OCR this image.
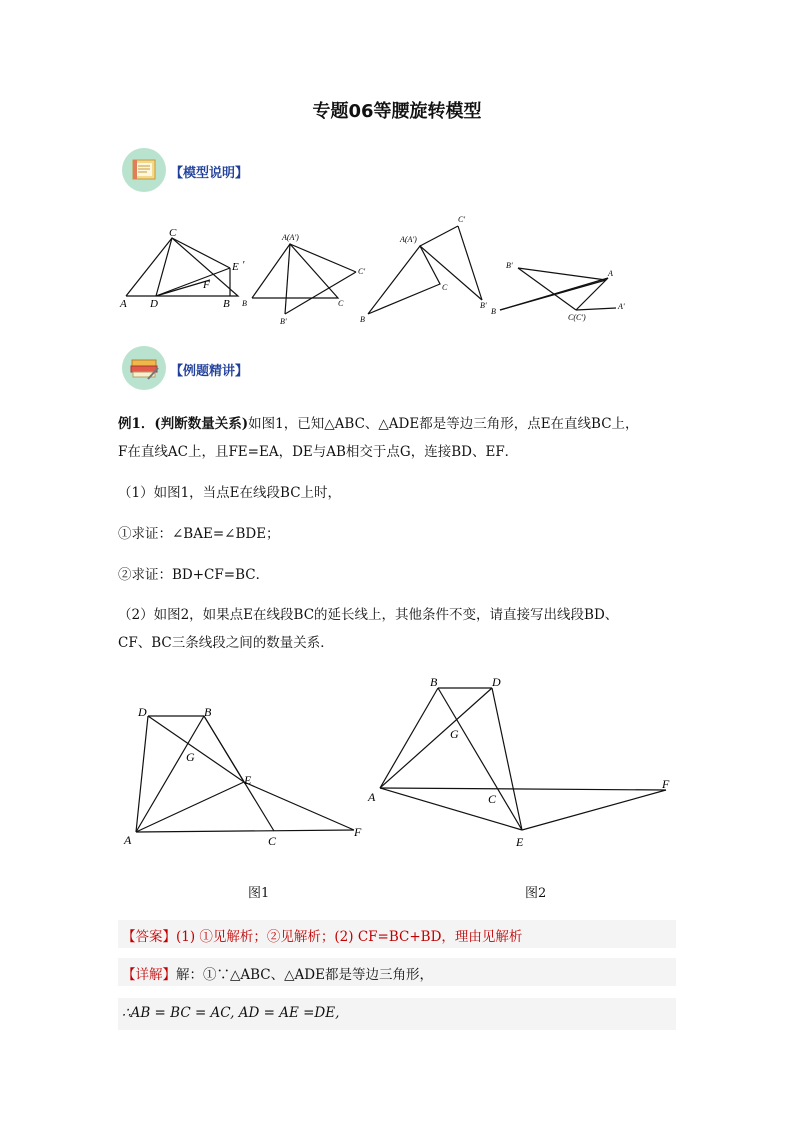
专题06等腰旋转模型
【模型说明】
C
E '
A D
F
B
A(A')
C'
B	C
B'
C'
A(A')
C
B
B'
B'
A
A'
B
C(C')
【例题精讲】
例1．(判断数量关系)如图1，已知△ABC、△ADE都是等边三角形，点E在直线BC上，
F在直线AC上，且FE=EA，DE与AB相交于点G，连接BD、EF．
（1）如图1，当点E在线段BC上时，
①求证：∠BAE=∠BDE；
②求证：BD+CF=BC．
（2）如图2，如果点E在线段BC的延长线上，其他条件不变，请直接写出线段BD、
CF、BC三条线段之间的数量关系．
D	B
G
E
A	C
F
图1
B	D
G
A	C
F
E
图2
【答案】(1) ①见解析；②见解析；(2) CF=BC+BD，理由见解析
【详解】解：①∵△ABC、△ADE都是等边三角形，
∴AB = BC = AC, AD = AE =DE,
